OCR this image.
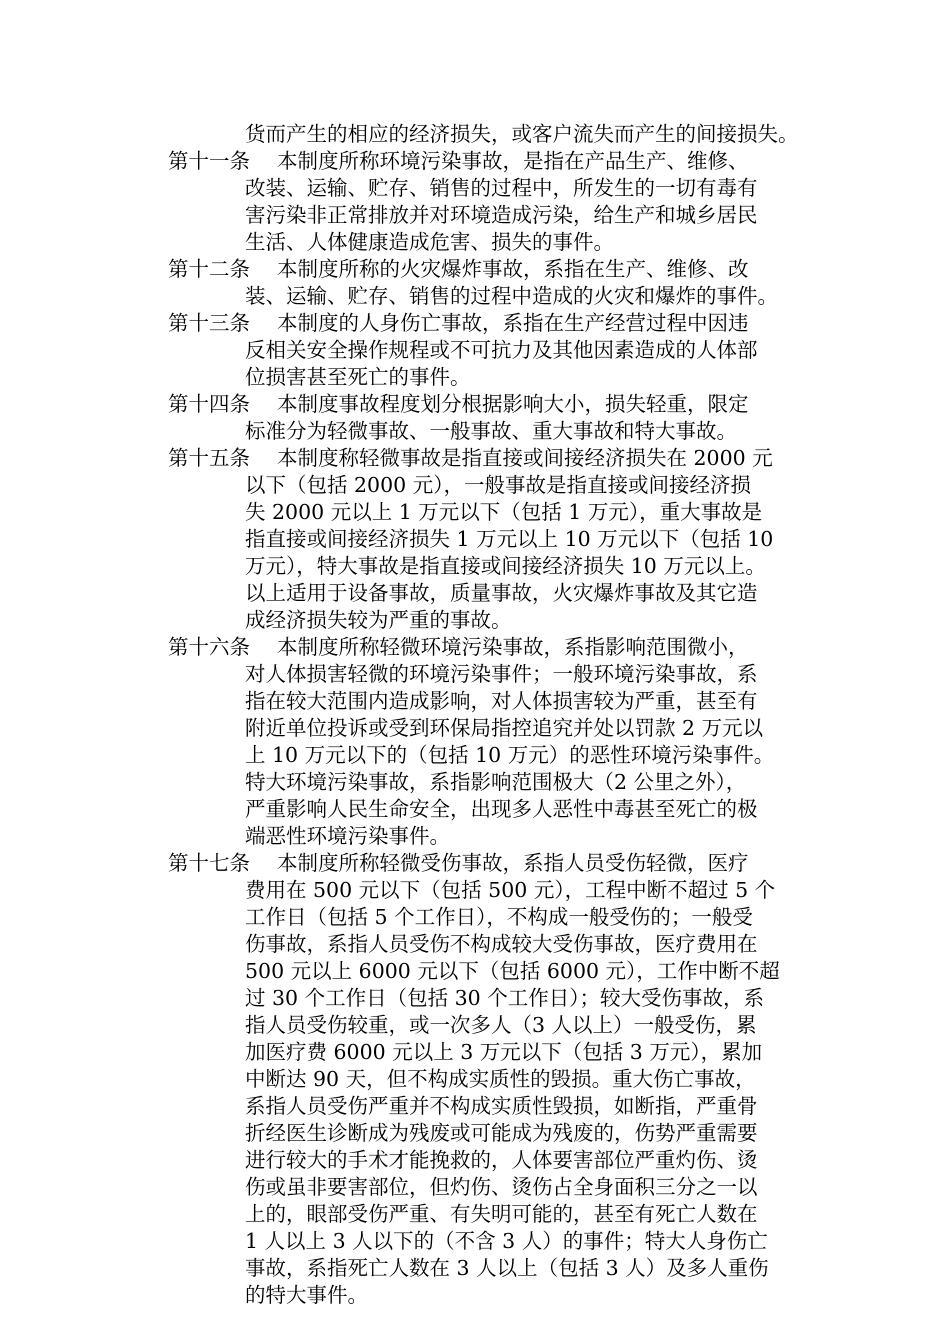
货而产生的相应的经济损失，或客户流失而产生的间接损失。

第十一条 本制度所称环境污染事故，是指在产品生产、维修、
改装、运输、贮存、销售的过程中，所发生的一切有毒有
害污染非正常排放并对环境造成污染，给生产和城乡居民
生活、人体健康造成危害、损失的事件。
第十二条 本制度所称的火灾爆炸事故，系指在生产、维修、改
装、运输、贮存、销售的过程中造成的火灾和爆炸的事件。
第十三条 本制度的人身伤亡事故，系指在生产经营过程中因违
反相关安全操作规程或不可抗力及其他因素造成的人体部
位损害甚至死亡的事件。
第十四条 本制度事故程度划分根据影响大小，损失轻重，限定
标准分为轻微事故、一般事故、重大事故和特大事故。
第十五条 本制度称轻微事故是指直接或间接经济损失在 2000 元
以下（包括 2000 元），一般事故是指直接或间接经济损
失 2000 元以上 1 万元以下（包括 1 万元），重大事故是
指直接或间接经济损失 1 万元以上 10 万元以下（包括 10
万元），特大事故是指直接或间接经济损失 10 万元以上。
以上适用于设备事故，质量事故，火灾爆炸事故及其它造
成经济损失较为严重的事故。
第十六条 本制度所称轻微环境污染事故，系指影响范围微小，
对人体损害轻微的环境污染事件；一般环境污染事故，系
指在较大范围内造成影响，对人体损害较为严重，甚至有
附近单位投诉或受到环保局指控追究并处以罚款 2 万元以
上 10 万元以下的（包括 10 万元）的恶性环境污染事件。
特大环境污染事故，系指影响范围极大（2 公里之外），
严重影响人民生命安全，出现多人恶性中毒甚至死亡的极
端恶性环境污染事件。
第十七条 本制度所称轻微受伤事故，系指人员受伤轻微，医疗
费用在 500 元以下（包括 500 元），工程中断不超过 5 个
工作日（包括 5 个工作日），不构成一般受伤的；一般受
伤事故，系指人员受伤不构成较大受伤事故，医疗费用在
500 元以上 6000 元以下（包括 6000 元），工作中断不超
过 30 个工作日（包括 30 个工作日）；较大受伤事故，系
指人员受伤较重，或一次多人（3 人以上）一般受伤，累
加医疗费 6000 元以上 3 万元以下（包括 3 万元），累加
中断达 90 天，但不构成实质性的毁损。重大伤亡事故，
系指人员受伤严重并不构成实质性毁损，如断指，严重骨
折经医生诊断成为残废或可能成为残废的，伤势严重需要
进行较大的手术才能挽救的，人体要害部位严重灼伤、烫
伤或虽非要害部位，但灼伤、烫伤占全身面积三分之一以
上的，眼部受伤严重、有失明可能的，甚至有死亡人数在
1 人以上 3 人以下的（不含 3 人）的事件；特大人身伤亡
事故，系指死亡人数在 3 人以上（包括 3 人）及多人重伤
的特大事件。
